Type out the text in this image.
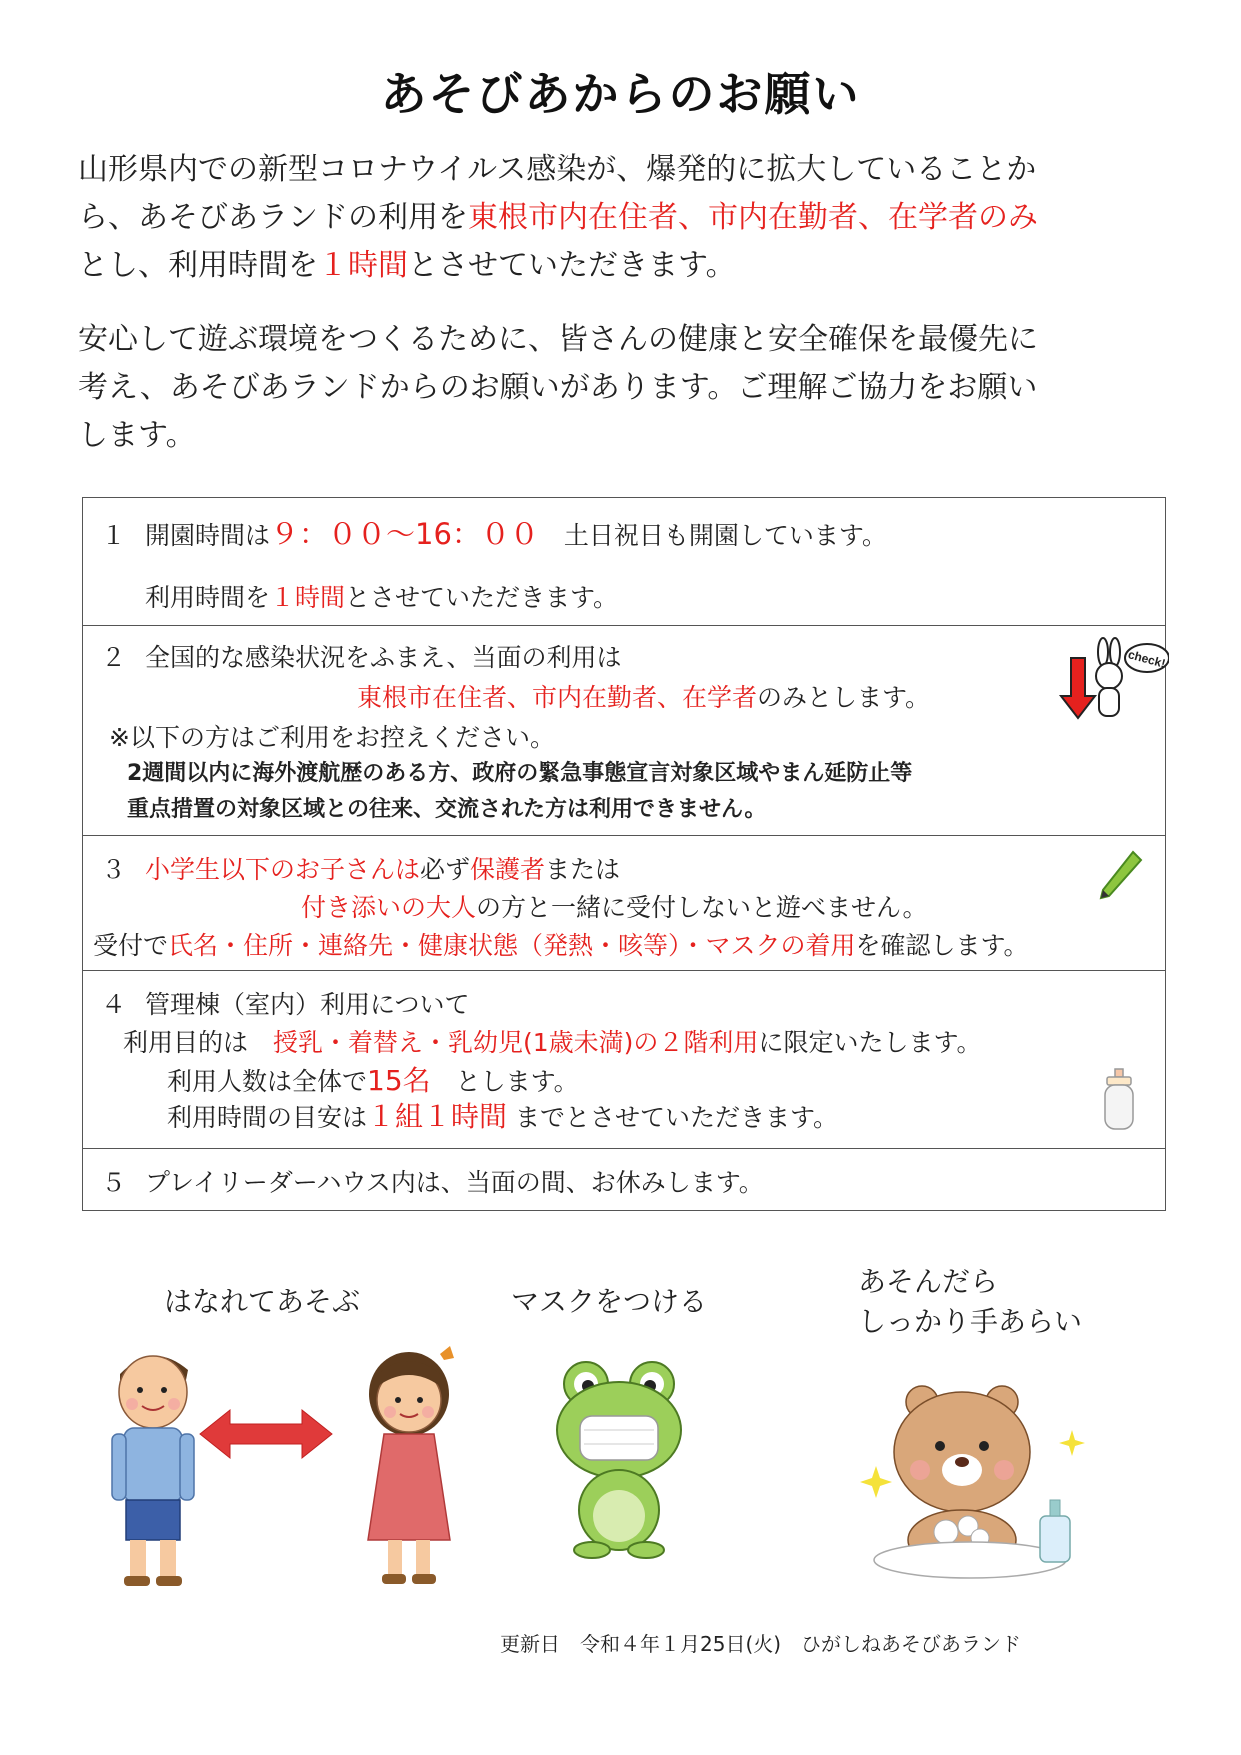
あそびあからのお願い
山形県内での新型コロナウイルス感染が、爆発的に拡大していることか
ら、あそびあランドの利用を東根市内在住者、市内在勤者、在学者のみ
とし、利用時間を１時間とさせていただきます。
安心して遊ぶ環境をつくるために、皆さんの健康と安全確保を最優先に
考え、あそびあランドからのお願いがあります。ご理解ご協力をお願い
します。
１ 開園時間は９：００～16：００　土日祝日も開園しています。
利用時間を１時間とさせていただきます。
２ 全国的な感染状況をふまえ、当面の利用は
東根市在住者、市内在勤者、在学者のみとします。
※以下の方はご利用をお控えください。
2週間以内に海外渡航歴のある方、政府の緊急事態宣言対象区域やまん延防止等
重点措置の対象区域との往来、交流された方は利用できません。
check!
３ 小学生以下のお子さんは必ず保護者または
付き添いの大人の方と一緒に受付しないと遊べません。
受付で氏名・住所・連絡先・健康状態（発熱・咳等）・マスクの着用を確認します。
４ 管理棟（室内）利用について
利用目的は　授乳・着替え・乳幼児(1歳未満)の２階利用に限定いたします。
利用人数は全体で15名　とします。
利用時間の目安は１組１時間 までとさせていただきます。
５ プレイリーダーハウス内は、当面の間、お休みします。
はなれてあそぶ	マスクをつける
あそんだら
しっかり手あらい
更新日　令和４年１月25日(火)　ひがしねあそびあランド
